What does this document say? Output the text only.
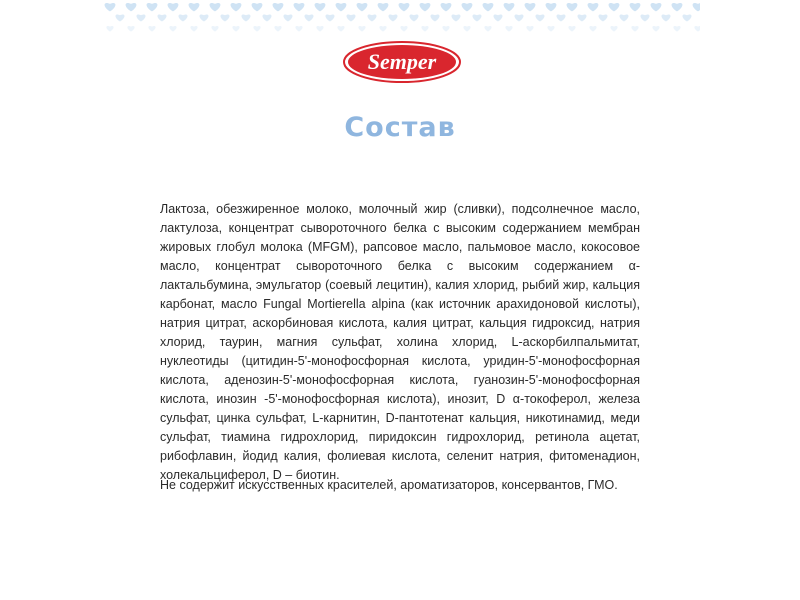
Semper
Состав

Лактоза, обезжиренное молоко, молочный жир (сливки), подсолнечное масло, лактулоза, концентрат сывороточного белка с высоким содержанием мембран жировых глобул молока (MFGM), рапсовое масло, пальмовое масло, кокосовое масло, концентрат сывороточного белка с высоким содержанием α-лактальбумина, эмульгатор (соевый лецитин), калия хлорид, рыбий жир, кальция карбонат, масло Fungal Mortierella alpina (как источник арахидоновой кислоты), натрия цитрат, аскорбиновая кислота, калия цитрат, кальция гидроксид, натрия хлорид, таурин, магния сульфат, холина хлорид, L-аскорбилпальмитат, нуклеотиды (цитидин-5'-монофосфорная кислота, уридин-5'-монофосфорная кислота, аденозин-5'-монофосфорная кислота, гуанозин-5'-монофосфорная кислота, инозин -5'-монофосфорная кислота), инозит, D α-токоферол, железа сульфат, цинка сульфат, L-карнитин, D-пантотенат кальция, никотинамид, меди сульфат, тиамина гидрохлорид, пиридоксин гидрохлорид, ретинола ацетат, рибофлавин, йодид калия, фолиевая кислота, селенит натрия, фитоменадион, холекальциферол, D – биотин.

Не содержит искусственных красителей, ароматизаторов, консервантов, ГМО.
